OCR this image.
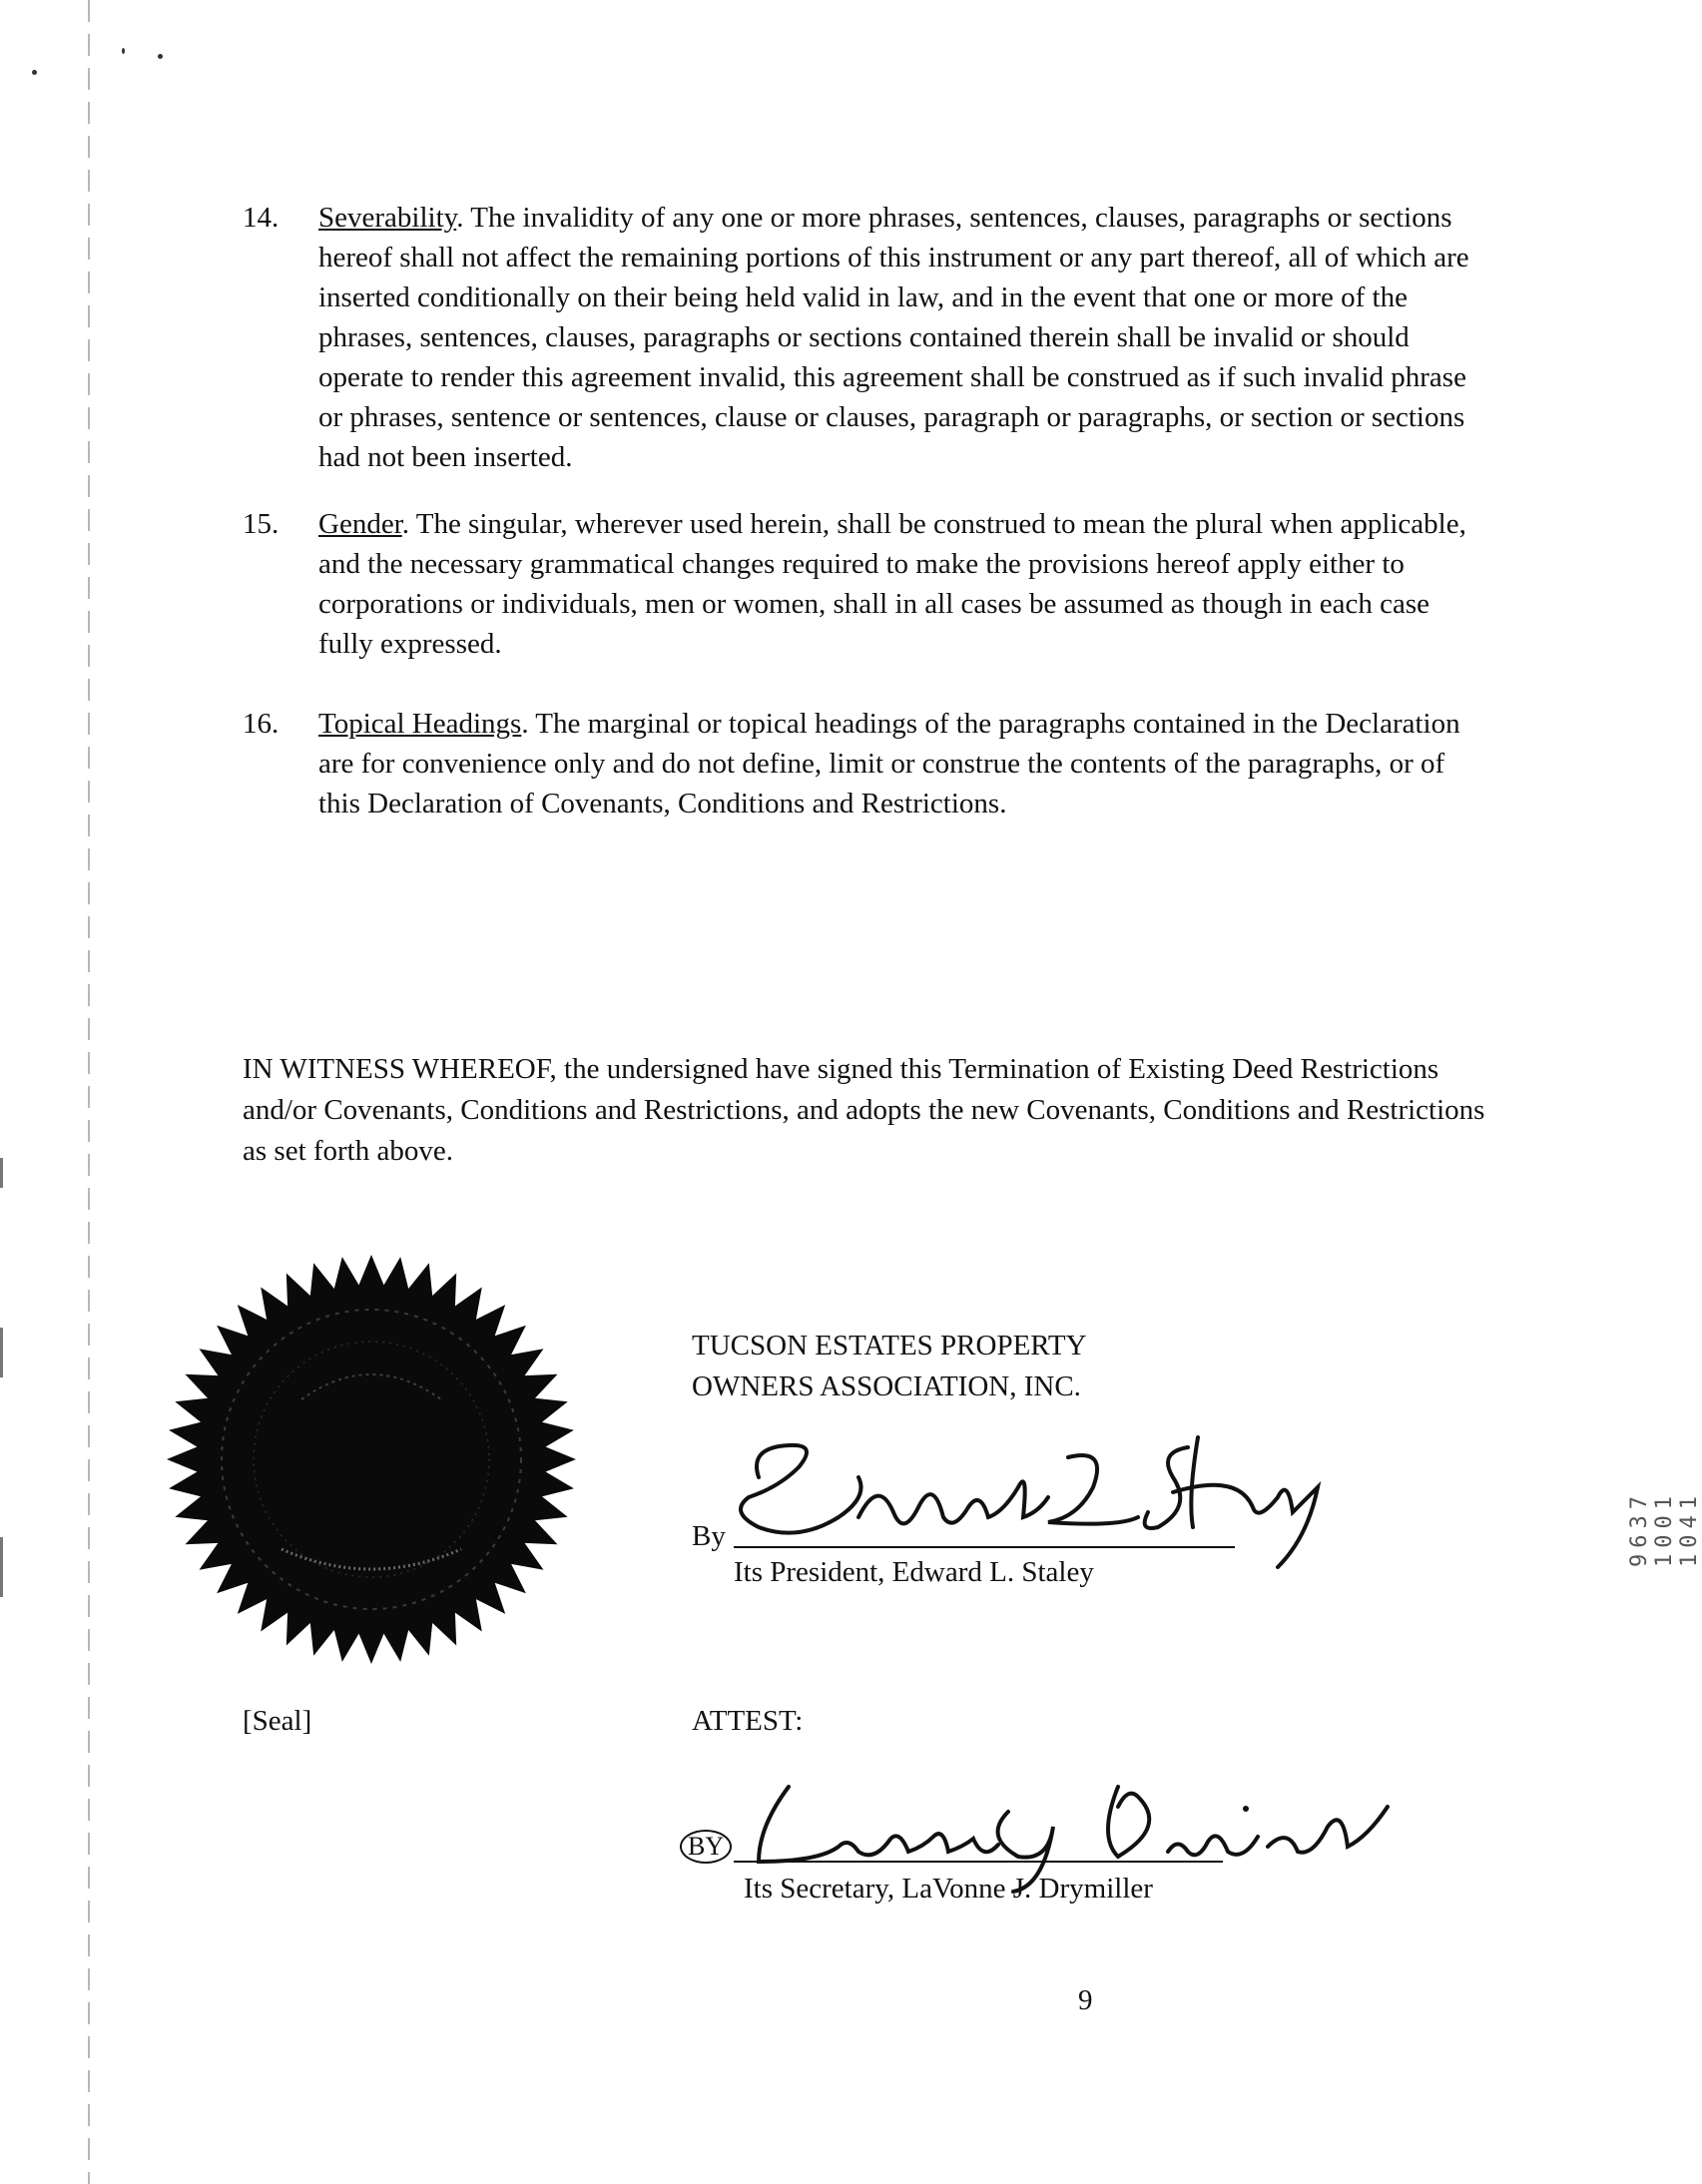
14. Severability. The invalidity of any one or more phrases, sentences, clauses, paragraphs or sections hereof shall not affect the remaining portions of this instrument or any part thereof, all of which are inserted conditionally on their being held valid in law, and in the event that one or more of the phrases, sentences, clauses, paragraphs or sections contained therein shall be invalid or should operate to render this agreement invalid, this agreement shall be construed as if such invalid phrase or phrases, sentence or sentences, clause or clauses, paragraph or paragraphs, or section or sections had not been inserted.
15. Gender. The singular, wherever used herein, shall be construed to mean the plural when applicable, and the necessary grammatical changes required to make the provisions hereof apply either to corporations or individuals, men or women, shall in all cases be assumed as though in each case fully expressed.
16. Topical Headings. The marginal or topical headings of the paragraphs contained in the Declaration are for convenience only and do not define, limit or construe the contents of the paragraphs, or of this Declaration of Covenants, Conditions and Restrictions.
IN WITNESS WHEREOF, the undersigned have signed this Termination of Existing Deed Restrictions and/or Covenants, Conditions and Restrictions, and adopts the new Covenants, Conditions and Restrictions as set forth above.
[Seal]
TUCSON ESTATES PROPERTY
OWNERS ASSOCIATION, INC.
By
Its President, Edward L. Staley
ATTEST:
BY
Its Secretary, LaVonne J. Drymiller
9
9637 1001 1041
